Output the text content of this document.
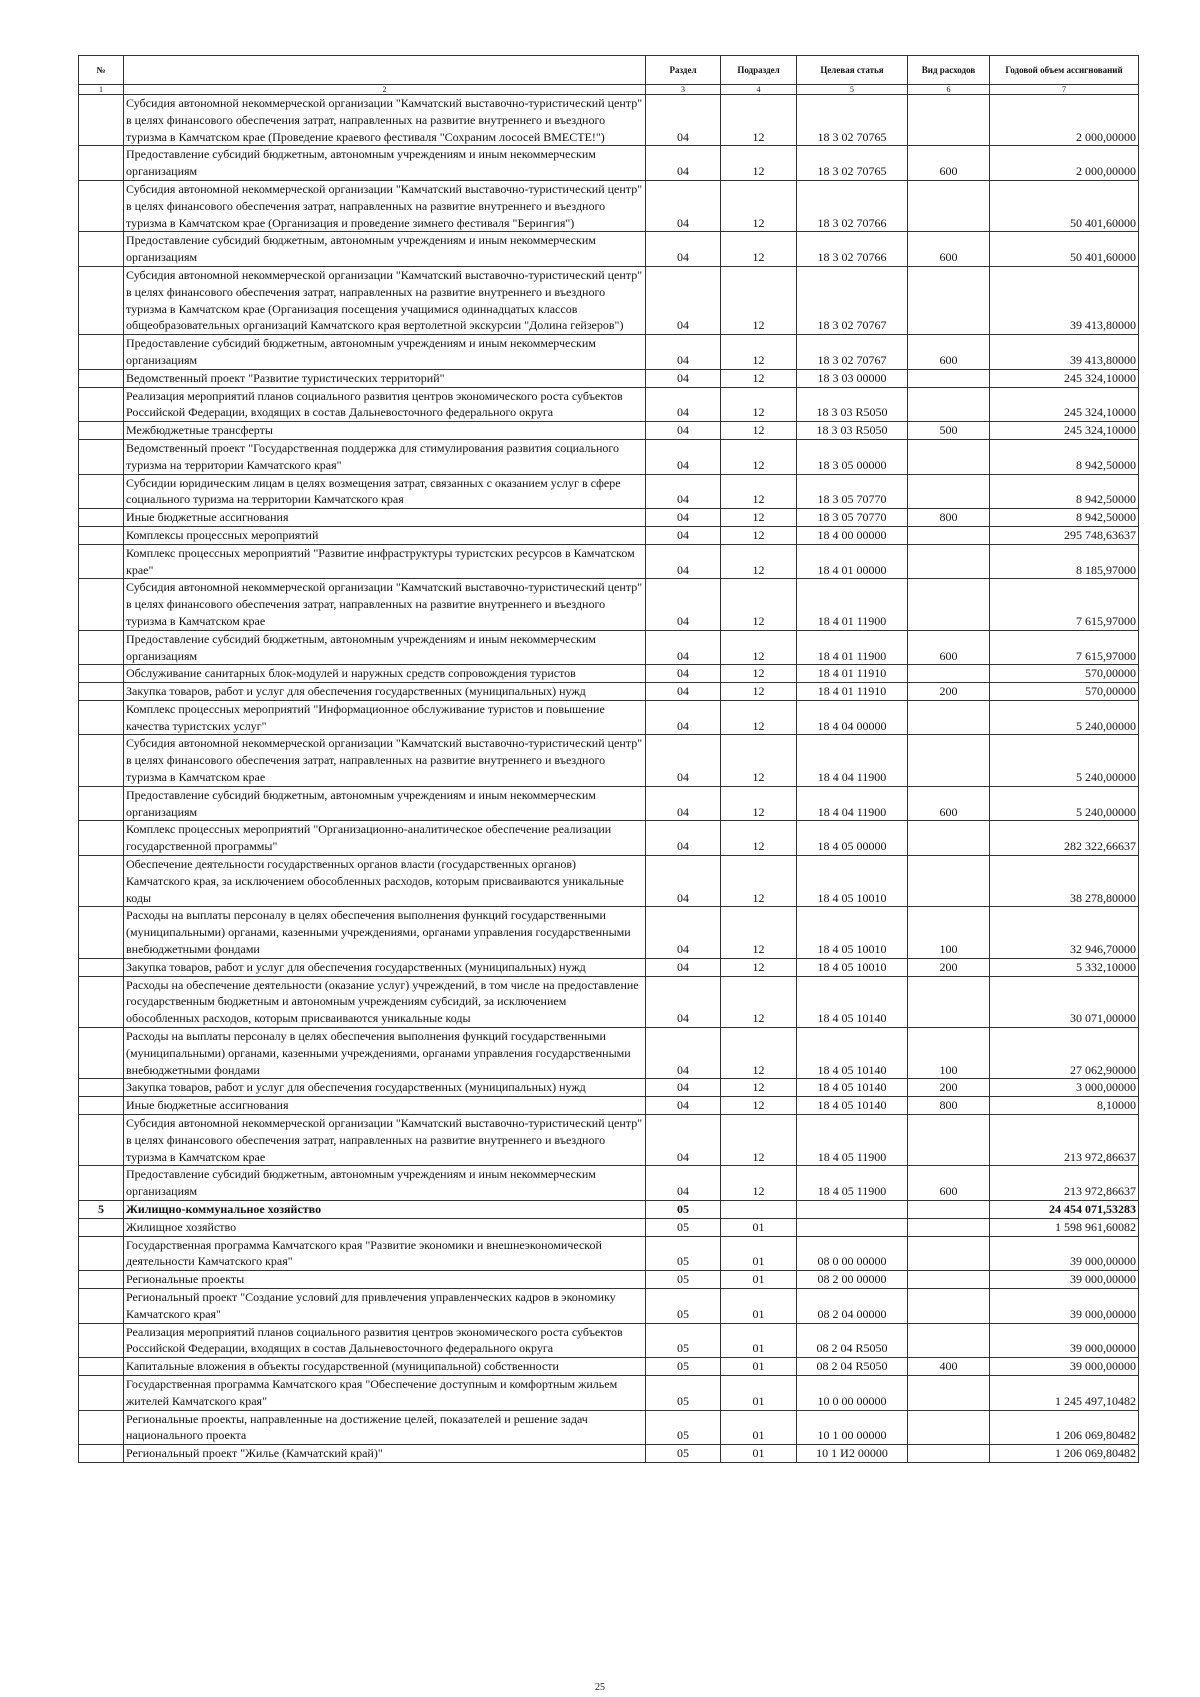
№		Раздел	Подраздел	Целевая статья	Вид расходов	Годовой объем ассигнований
1	2	3	4	5	6	7
	Субсидия автономной некоммерческой организации "Камчатский выставочно-туристический центр" в целях финансового обеспечения затрат, направленных на развитие внутреннего и въездного туризма в Камчатском крае (Проведение краевого фестиваля "Сохраним лососей ВМЕСТЕ!")	04	12	18 3 02 70765		2 000,00000
	Предоставление субсидий бюджетным, автономным учреждениям и иным некоммерческим организациям	04	12	18 3 02 70765	600	2 000,00000
	Субсидия автономной некоммерческой организации "Камчатский выставочно-туристический центр" в целях финансового обеспечения затрат, направленных на развитие внутреннего и въездного туризма в Камчатском крае (Организация и проведение зимнего фестиваля "Берингия")	04	12	18 3 02 70766		50 401,60000
	Предоставление субсидий бюджетным, автономным учреждениям и иным некоммерческим организациям	04	12	18 3 02 70766	600	50 401,60000
	Субсидия автономной некоммерческой организации "Камчатский выставочно-туристический центр" в целях финансового обеспечения затрат, направленных на развитие внутреннего и въездного туризма в Камчатском крае (Организация посещения учащимися одиннадцатых классов общеобразовательных организаций Камчатского края вертолетной экскурсии "Долина гейзеров")	04	12	18 3 02 70767		39 413,80000
	Предоставление субсидий бюджетным, автономным учреждениям и иным некоммерческим организациям	04	12	18 3 02 70767	600	39 413,80000
	Ведомственный проект "Развитие туристических территорий"	04	12	18 3 03 00000		245 324,10000
	Реализация мероприятий планов социального развития центров экономического роста субъектов Российской Федерации, входящих в состав Дальневосточного федерального округа	04	12	18 3 03 R5050		245 324,10000
	Межбюджетные трансферты	04	12	18 3 03 R5050	500	245 324,10000
	Ведомственный проект "Государственная поддержка для стимулирования развития социального туризма на территории Камчатского края"	04	12	18 3 05 00000		8 942,50000
	Субсидии юридическим лицам в целях возмещения затрат, связанных с оказанием услуг в сфере социального туризма на территории Камчатского края	04	12	18 3 05 70770		8 942,50000
	Иные бюджетные ассигнования	04	12	18 3 05 70770	800	8 942,50000
	Комплексы процессных мероприятий	04	12	18 4 00 00000		295 748,63637
	Комплекс процессных мероприятий "Развитие инфраструктуры туристских ресурсов в Камчатском крае"	04	12	18 4 01 00000		8 185,97000
	Субсидия автономной некоммерческой организации "Камчатский выставочно-туристический центр" в целях финансового обеспечения затрат, направленных на развитие внутреннего и въездного туризма в Камчатском крае	04	12	18 4 01 11900		7 615,97000
	Предоставление субсидий бюджетным, автономным учреждениям и иным некоммерческим организациям	04	12	18 4 01 11900	600	7 615,97000
	Обслуживание санитарных блок-модулей и наружных средств сопровождения туристов	04	12	18 4 01 11910		570,00000
	Закупка товаров, работ и услуг для обеспечения государственных (муниципальных) нужд	04	12	18 4 01 11910	200	570,00000
	Комплекс процессных мероприятий "Информационное обслуживание туристов и повышение качества туристских услуг"	04	12	18 4 04 00000		5 240,00000
	Субсидия автономной некоммерческой организации "Камчатский выставочно-туристический центр" в целях финансового обеспечения затрат, направленных на развитие внутреннего и въездного туризма в Камчатском крае	04	12	18 4 04 11900		5 240,00000
	Предоставление субсидий бюджетным, автономным учреждениям и иным некоммерческим организациям	04	12	18 4 04 11900	600	5 240,00000
	Комплекс процессных мероприятий "Организационно-аналитическое обеспечение реализации государственной программы"	04	12	18 4 05 00000		282 322,66637
	Обеспечение деятельности государственных органов власти (государственных органов) Камчатского края, за исключением обособленных расходов, которым присваиваются уникальные коды	04	12	18 4 05 10010		38 278,80000
	Расходы на выплаты персоналу в целях обеспечения выполнения функций государственными (муниципальными) органами, казенными учреждениями, органами управления государственными внебюджетными фондами	04	12	18 4 05 10010	100	32 946,70000
	Закупка товаров, работ и услуг для обеспечения государственных (муниципальных) нужд	04	12	18 4 05 10010	200	5 332,10000
	Расходы на обеспечение деятельности (оказание услуг) учреждений, в том числе на предоставление государственным бюджетным и автономным учреждениям субсидий, за исключением обособленных расходов, которым присваиваются уникальные коды	04	12	18 4 05 10140		30 071,00000
	Расходы на выплаты персоналу в целях обеспечения выполнения функций государственными (муниципальными) органами, казенными учреждениями, органами управления государственными внебюджетными фондами	04	12	18 4 05 10140	100	27 062,90000
	Закупка товаров, работ и услуг для обеспечения государственных (муниципальных) нужд	04	12	18 4 05 10140	200	3 000,00000
	Иные бюджетные ассигнования	04	12	18 4 05 10140	800	8,10000
	Субсидия автономной некоммерческой организации "Камчатский выставочно-туристический центр" в целях финансового обеспечения затрат, направленных на развитие внутреннего и въездного туризма в Камчатском крае	04	12	18 4 05 11900		213 972,86637
	Предоставление субсидий бюджетным, автономным учреждениям и иным некоммерческим организациям	04	12	18 4 05 11900	600	213 972,86637
5	Жилищно-коммунальное хозяйство	05				24 454 071,53283
	Жилищное хозяйство	05	01			1 598 961,60082
	Государственная программа Камчатского края "Развитие экономики и внешнеэкономической деятельности Камчатского края"	05	01	08 0 00 00000		39 000,00000
	Региональные проекты	05	01	08 2 00 00000		39 000,00000
	Региональный проект "Создание условий для привлечения управленческих кадров в экономику Камчатского края"	05	01	08 2 04 00000		39 000,00000
	Реализация мероприятий планов социального развития центров экономического роста субъектов Российской Федерации, входящих в состав Дальневосточного федерального округа	05	01	08 2 04 R5050		39 000,00000
	Капитальные вложения в объекты государственной (муниципальной) собственности	05	01	08 2 04 R5050	400	39 000,00000
	Государственная программа Камчатского края "Обеспечение доступным и комфортным жильем жителей Камчатского края"	05	01	10 0 00 00000		1 245 497,10482
	Региональные проекты, направленные на достижение целей, показателей и решение задач национального проекта	05	01	10 1 00 00000		1 206 069,80482
	Региональный проект "Жилье (Камчатский край)"	05	01	10 1 И2 00000		1 206 069,80482
25
